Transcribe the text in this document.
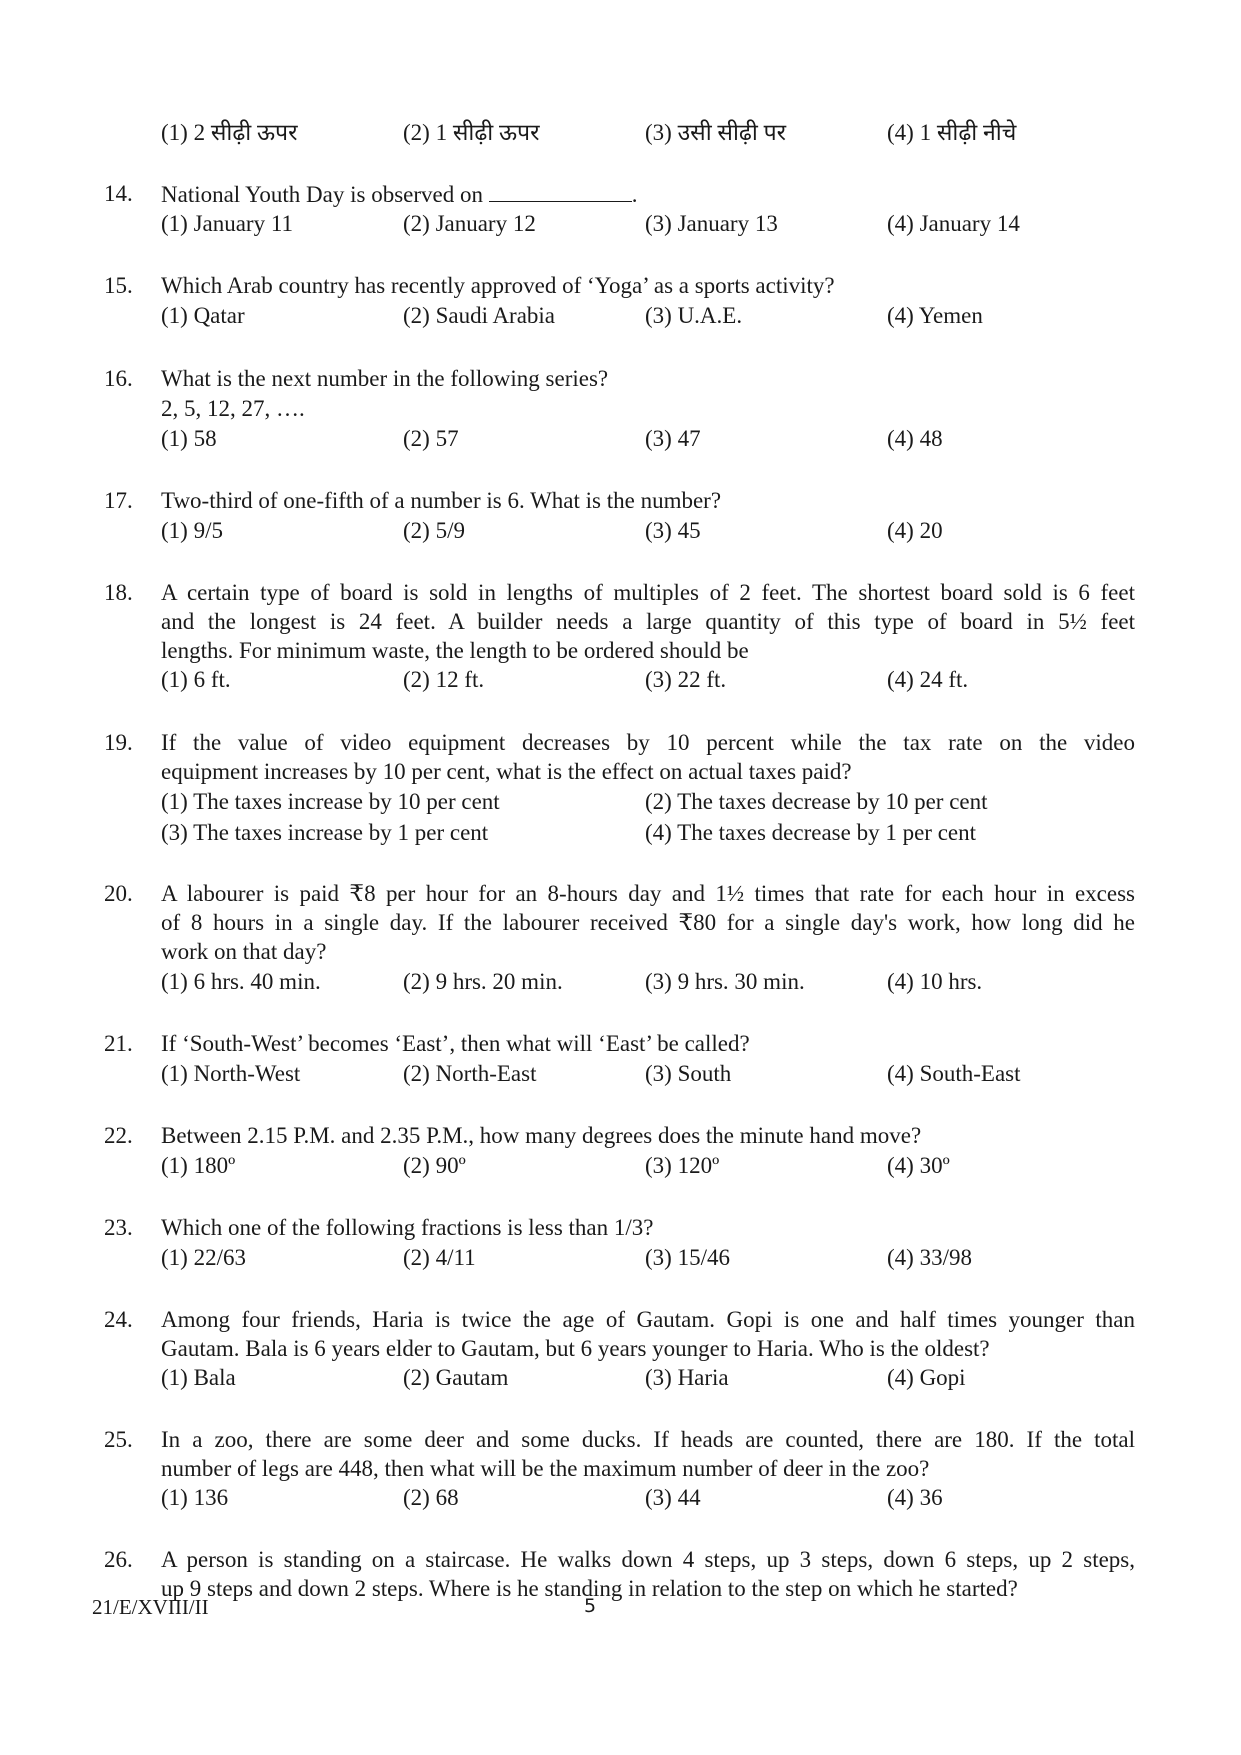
(1) 2 सीढ़ी ऊपर	(2) 1 सीढ़ी ऊपर	(3) उसी सीढ़ी पर	(4) 1 सीढ़ी नीचे
14.	National Youth Day is observed on	.
(1) January 11	(2) January 12	(3) January 13	(4) January 14
15.	Which Arab country has recently approved of ‘Yoga’ as a sports activity?
(1) Qatar	(2) Saudi Arabia	(3) U.A.E.	(4) Yemen
16.	What is the next number in the following series?
2, 5, 12, 27, ….
(1) 58	(2) 57	(3) 47	(4) 48
17.	Two-third of one-fifth of a number is 6. What is the number?
(1) 9/5	(2) 5/9	(3) 45	(4) 20
18.	A certain type of board is sold in lengths of multiples of 2 feet. The shortest board sold is 6 feet
and the longest is 24 feet. A builder needs a large quantity of this type of board in 5½ feet
lengths. For minimum waste, the length to be ordered should be
(1) 6 ft.	(2) 12 ft.	(3) 22 ft.	(4) 24 ft.
19.	If the value of video equipment decreases by 10 percent while the tax rate on the video
equipment increases by 10 per cent, what is the effect on actual taxes paid?
(1) The taxes increase by 10 per cent	(2) The taxes decrease by 10 per cent
(3) The taxes increase by 1 per cent	(4) The taxes decrease by 1 per cent
20.	A labourer is paid ₹8 per hour for an 8-hours day and 1½ times that rate for each hour in excess
of 8 hours in a single day. If the labourer received ₹80 for a single day's work, how long did he
work on that day?
(1) 6 hrs. 40 min.	(2) 9 hrs. 20 min.	(3) 9 hrs. 30 min.	(4) 10 hrs.
21.	If ‘South-West’ becomes ‘East’, then what will ‘East’ be called?
(1) North-West	(2) North-East	(3) South	(4) South-East
22.	Between 2.15 P.M. and 2.35 P.M., how many degrees does the minute hand move?
(1) 180º	(2) 90º	(3) 120º	(4) 30º
23.	Which one of the following fractions is less than 1/3?
(1) 22/63	(2) 4/11	(3) 15/46	(4) 33/98
24.	Among four friends, Haria is twice the age of Gautam. Gopi is one and half times younger than
Gautam. Bala is 6 years elder to Gautam, but 6 years younger to Haria. Who is the oldest?
(1) Bala	(2) Gautam	(3) Haria	(4) Gopi
25.	In a zoo, there are some deer and some ducks. If heads are counted, there are 180. If the total
number of legs are 448, then what will be the maximum number of deer in the zoo?
(1) 136	(2) 68	(3) 44	(4) 36
26.	A person is standing on a staircase. He walks down 4 steps, up 3 steps, down 6 steps, up 2 steps,
up 9 steps and down 2 steps. Where is he standing in relation to the step on which he started?
21/E/XVIII/II	5
